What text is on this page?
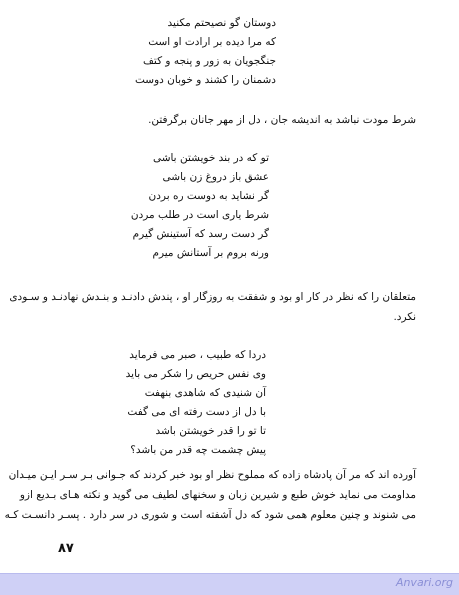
دوستان گو نصیحتم مکنید
که مرا دیده بر ارادت او است
جنگجویان به زور و پنجه و کتف
دشمنان را کشند و خوبان دوست
شرط مودت نباشد به اندیشه جان ، دل از مهر جانان برگرفتن.
تو که در بند خویشتن باشی
عشق باز دروغ زن باشی
گر نشاید به دوست ره بردن
شرط یاری است در طلب مردن
گر دست رسد که آستینش گیرم
ورنه بروم بر آستانش میرم
متعلقان را که نظر در کار او بود و شفقت به روزگار او ، پندش دادنـد و بنـدش نهادنـد و سـودی
نکرد.
دردا که طبیب ، صبر می فرماید
وی نفس حریص را شکر می باید
آن شنیدی که شاهدی بنهفت
با دل از دست رفته ای می گفت
تا تو را قدر خویشتن باشد
پیش چشمت چه قدر من باشد؟
آورده اند که مر آن پادشاه زاده که مملوح نظر او بود خبر کردند که جـوانی بـر سـر ایـن میـدان
مداومت می نماید خوش طبع و شیرین زبان و سخنهای لطیف می گوید و نکته هـای بـدیع ازو
می شنوند و چنین معلوم همی شود که دل آشفته است و شوری در سر دارد . پسـر دانسـت کـه
۸۷
Anvari.org
